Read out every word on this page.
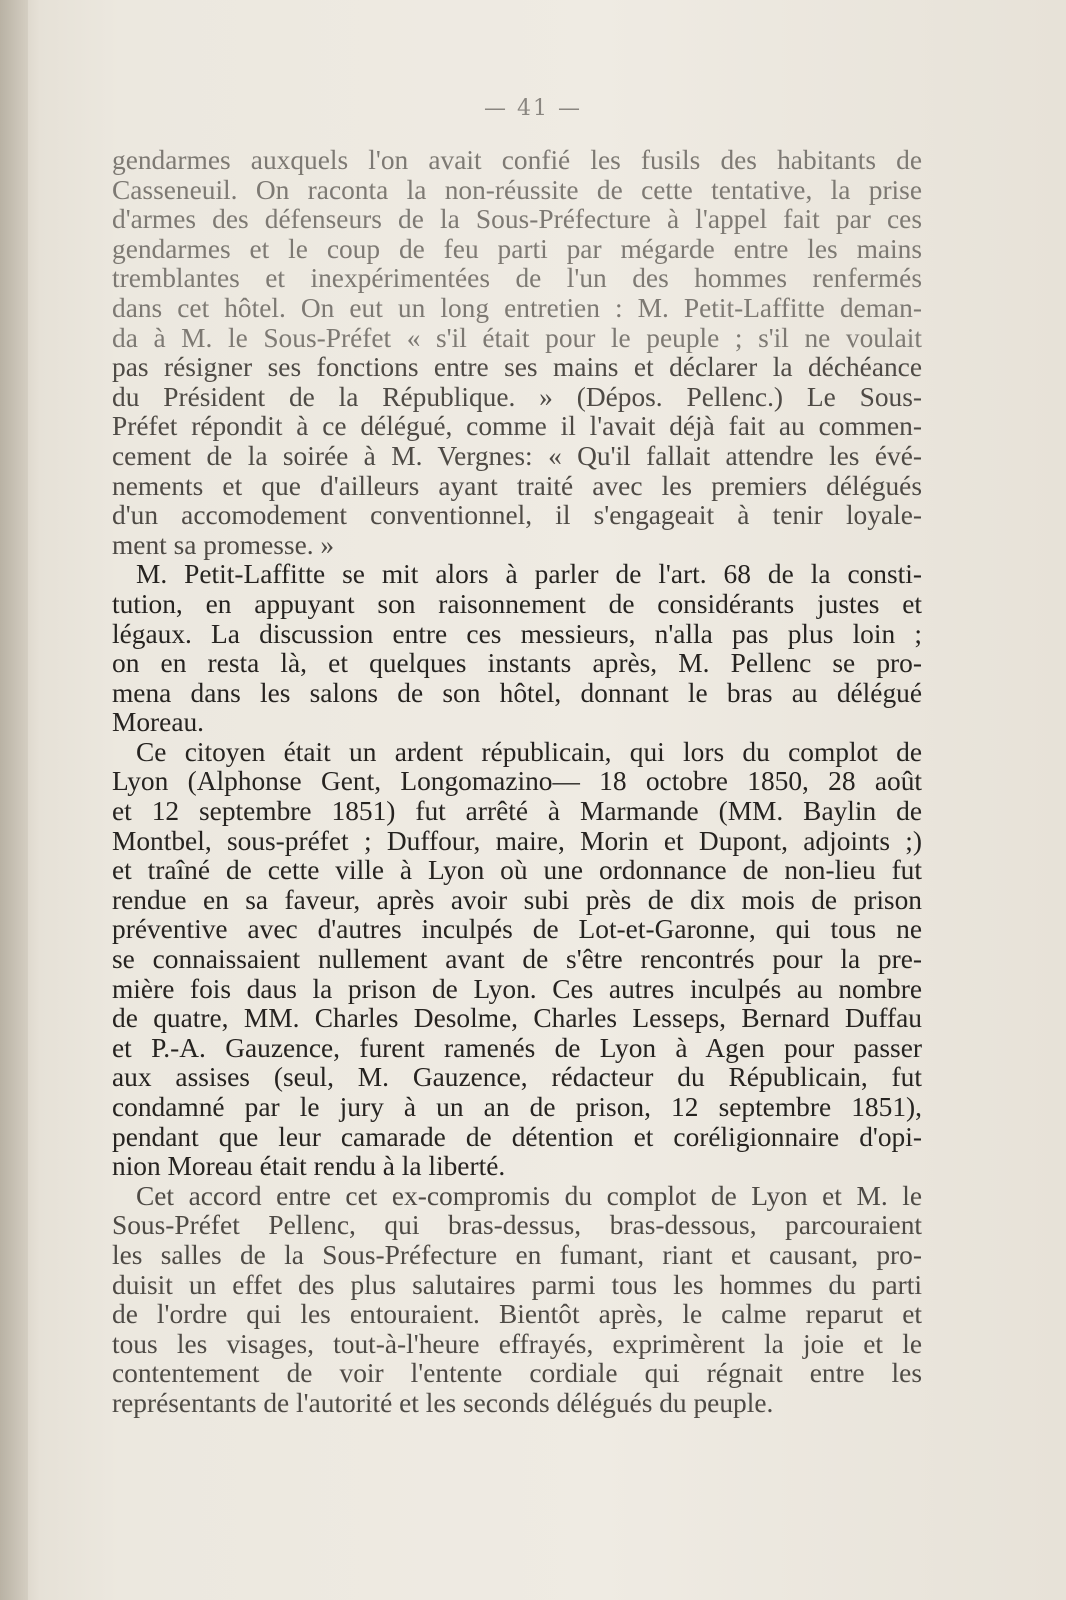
— 41 —
gendarmes auxquels l'on avait confié les fusils des habitants de
Casseneuil. On raconta la non-réussite de cette tentative, la prise
d'armes des défenseurs de la Sous-Préfecture à l'appel fait par ces
gendarmes et le coup de feu parti par mégarde entre les mains
tremblantes et inexpérimentées de l'un des hommes renfermés
dans cet hôtel. On eut un long entretien : M. Petit-Laffitte deman-
da à M. le Sous-Préfet « s'il était pour le peuple ; s'il ne voulait
pas résigner ses fonctions entre ses mains et déclarer la déchéance
du Président de la République. » (Dépos. Pellenc.) Le Sous-
Préfet répondit à ce délégué, comme il l'avait déjà fait au commen-
cement de la soirée à M. Vergnes: « Qu'il fallait attendre les évé-
nements et que d'ailleurs ayant traité avec les premiers délégués
d'un accomodement conventionnel, il s'engageait à tenir loyale-
ment sa promesse. »
M. Petit-Laffitte se mit alors à parler de l'art. 68 de la consti-
tution, en appuyant son raisonnement de considérants justes et
légaux. La discussion entre ces messieurs, n'alla pas plus loin ;
on en resta là, et quelques instants après, M. Pellenc se pro-
mena dans les salons de son hôtel, donnant le bras au délégué
Moreau.
Ce citoyen était un ardent républicain, qui lors du complot de
Lyon (Alphonse Gent, Longomazino— 18 octobre 1850, 28 août
et 12 septembre 1851) fut arrêté à Marmande (MM. Baylin de
Montbel, sous-préfet ; Duffour, maire, Morin et Dupont, adjoints ;)
et traîné de cette ville à Lyon où une ordonnance de non-lieu fut
rendue en sa faveur, après avoir subi près de dix mois de prison
préventive avec d'autres inculpés de Lot-et-Garonne, qui tous ne
se connaissaient nullement avant de s'être rencontrés pour la pre-
mière fois daus la prison de Lyon. Ces autres inculpés au nombre
de quatre, MM. Charles Desolme, Charles Lesseps, Bernard Duffau
et P.-A. Gauzence, furent ramenés de Lyon à Agen pour passer
aux assises (seul, M. Gauzence, rédacteur du Républicain, fut
condamné par le jury à un an de prison, 12 septembre 1851),
pendant que leur camarade de détention et coréligionnaire d'opi-
nion Moreau était rendu à la liberté.
Cet accord entre cet ex-compromis du complot de Lyon et M. le
Sous-Préfet Pellenc, qui bras-dessus, bras-dessous, parcouraient
les salles de la Sous-Préfecture en fumant, riant et causant, pro-
duisit un effet des plus salutaires parmi tous les hommes du parti
de l'ordre qui les entouraient. Bientôt après, le calme reparut et
tous les visages, tout-à-l'heure effrayés, exprimèrent la joie et le
contentement de voir l'entente cordiale qui régnait entre les
représentants de l'autorité et les seconds délégués du peuple.
